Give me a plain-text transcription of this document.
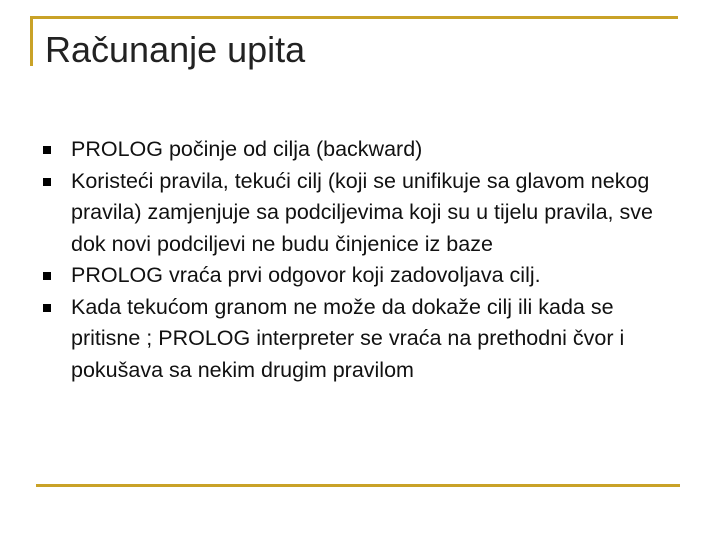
Računanje upita
PROLOG počinje od cilja (backward)
Koristeći pravila, tekući cilj (koji se unifikuje sa glavom nekog pravila) zamjenjuje sa podciljevima koji su u tijelu pravila, sve dok novi podciljevi ne budu činjenice iz baze
PROLOG vraća prvi odgovor koji zadovoljava cilj.
Kada tekućom granom ne može da dokaže cilj ili kada se pritisne ; PROLOG interpreter se vraća na prethodni čvor i pokušava sa nekim drugim pravilom
